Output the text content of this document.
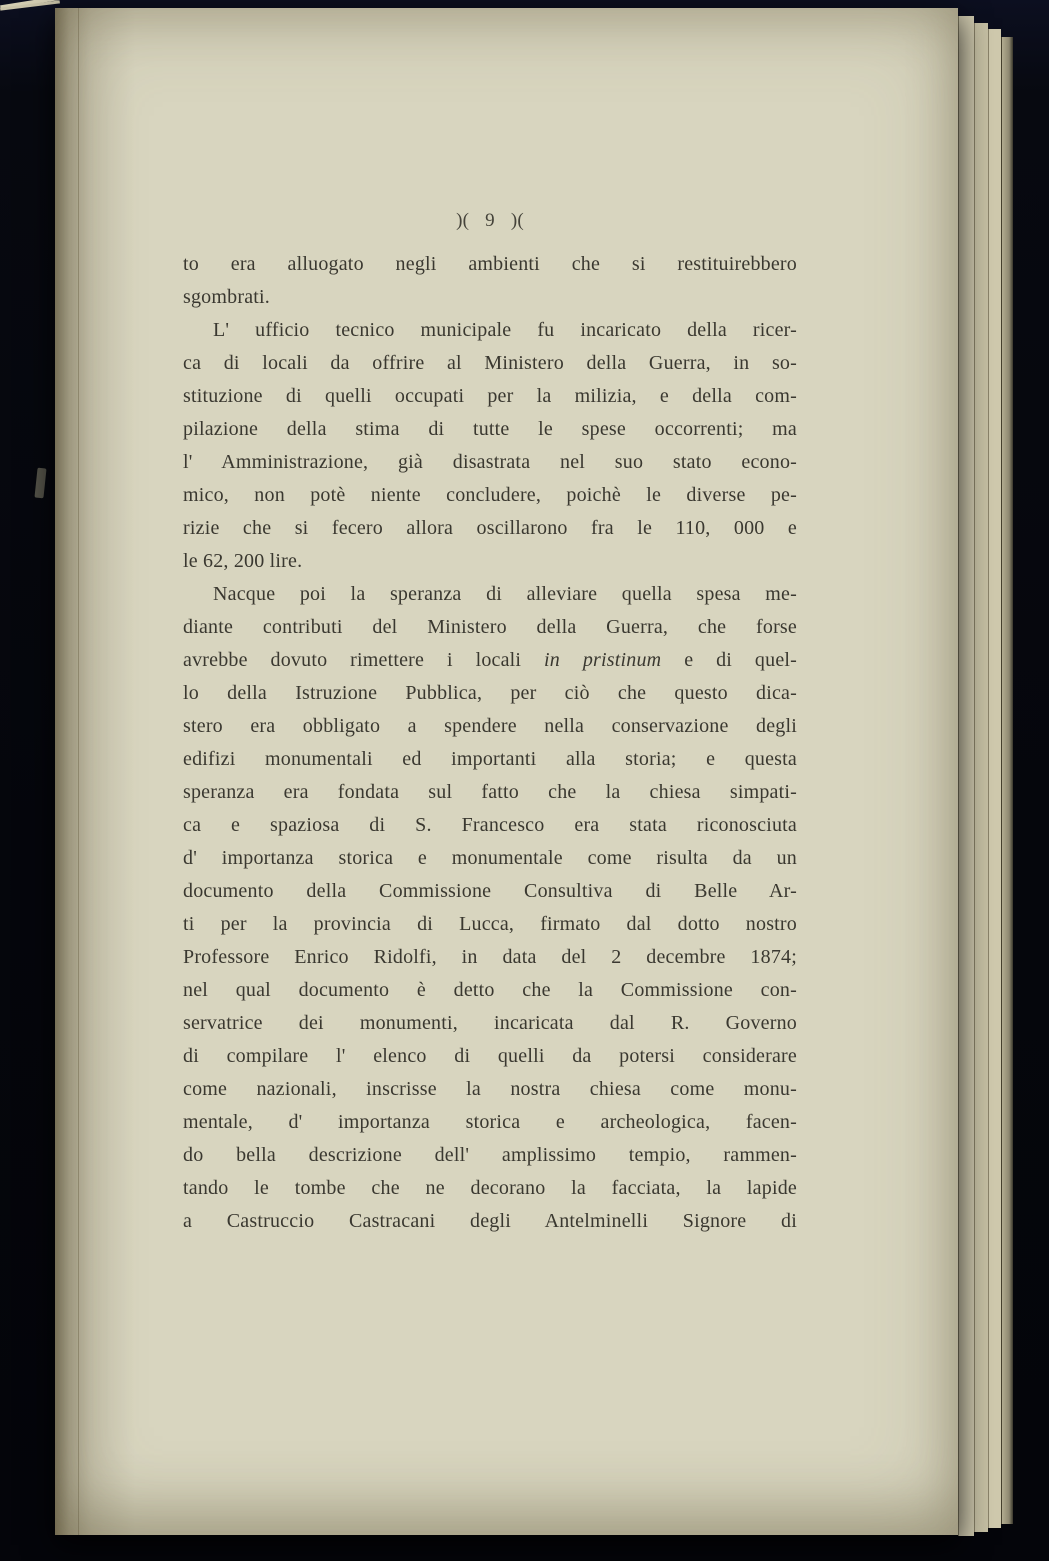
)( 9 )(
to era alluogato negli ambienti che si restituirebbero
sgombrati.
L' ufficio tecnico municipale fu incaricato della ricer-
ca di locali da offrire al Ministero della Guerra, in so-
stituzione di quelli occupati per la milizia, e della com-
pilazione della stima di tutte le spese occorrenti; ma
l' Amministrazione, già disastrata nel suo stato econo-
mico, non potè niente concludere, poichè le diverse pe-
rizie che si fecero allora oscillarono fra le 110, 000 e
le 62, 200 lire.
Nacque poi la speranza di alleviare quella spesa me-
diante contributi del Ministero della Guerra, che forse
avrebbe dovuto rimettere i locali in pristinum e di quel-
lo della Istruzione Pubblica, per ciò che questo dica-
stero era obbligato a spendere nella conservazione degli
edifizi monumentali ed importanti alla storia; e questa
speranza era fondata sul fatto che la chiesa simpati-
ca e spaziosa di S. Francesco era stata riconosciuta
d' importanza storica e monumentale come risulta da un
documento della Commissione Consultiva di Belle Ar-
ti per la provincia di Lucca, firmato dal dotto nostro
Professore Enrico Ridolfi, in data del 2 decembre 1874;
nel qual documento è detto che la Commissione con-
servatrice dei monumenti, incaricata dal R. Governo
di compilare l' elenco di quelli da potersi considerare
come nazionali, inscrisse la nostra chiesa come monu-
mentale, d' importanza storica e archeologica, facen-
do bella descrizione dell' amplissimo tempio, rammen-
tando le tombe che ne decorano la facciata, la lapide
a Castruccio Castracani degli Antelminelli Signore di
